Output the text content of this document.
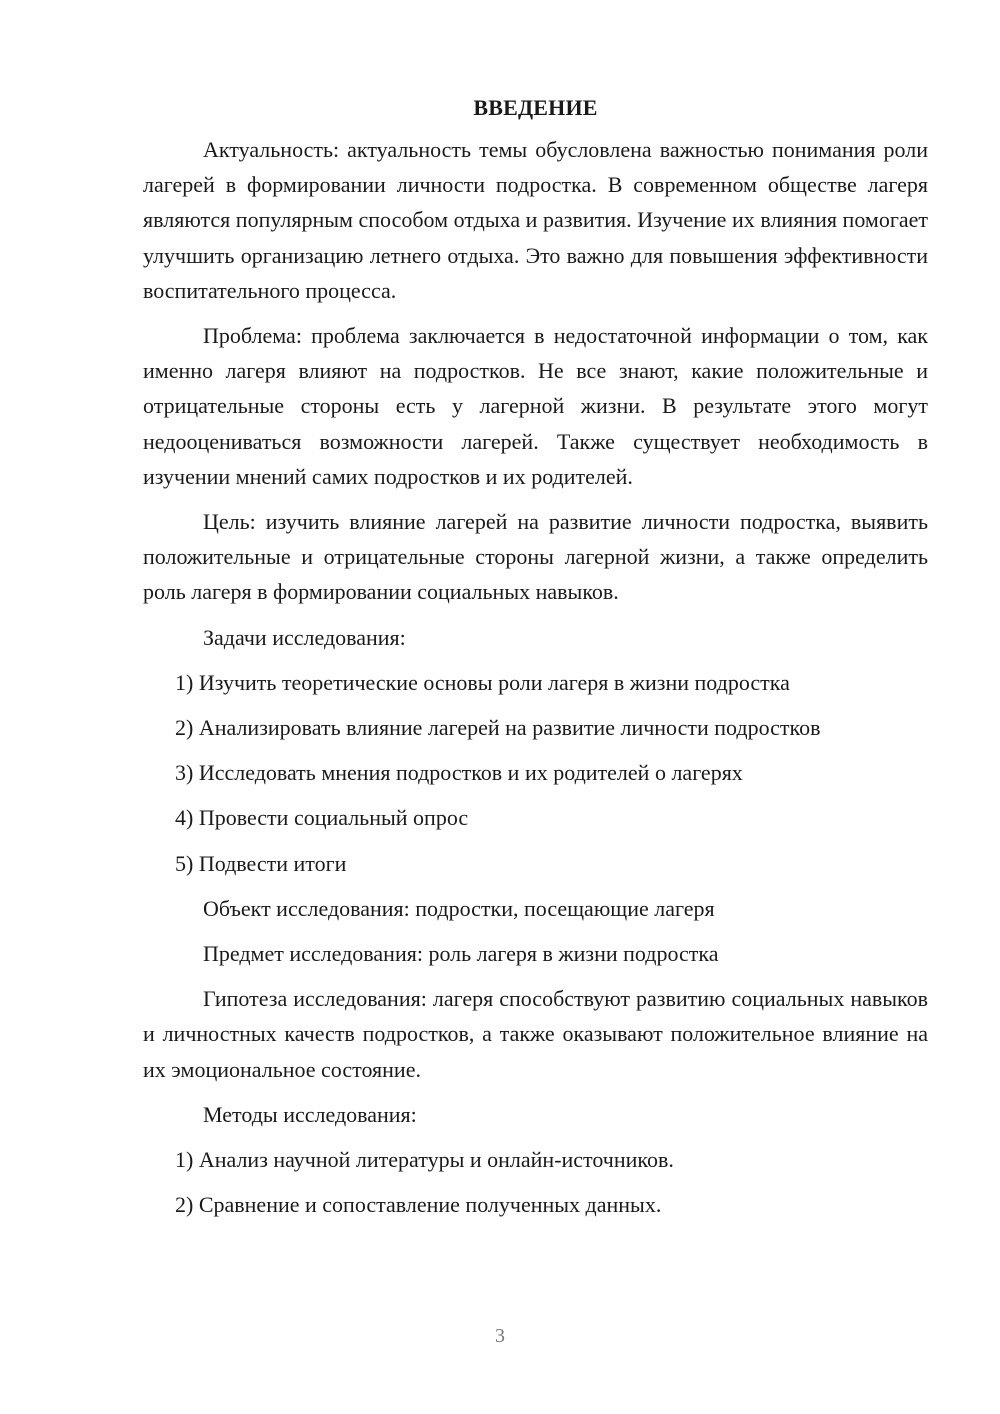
ВВЕДЕНИЕ

Актуальность: актуальность темы обусловлена важностью понимания роли лагерей в формировании личности подростка. В современном обществе лагеря являются популярным способом отдыха и развития. Изучение их влияния помогает улучшить организацию летнего отдыха. Это важно для повышения эффективности воспитательного процесса.

Проблема: проблема заключается в недостаточной информации о том, как именно лагеря влияют на подростков. Не все знают, какие положительные и отрицательные стороны есть у лагерной жизни. В результате этого могут недооцениваться возможности лагерей. Также существует необходимость в изучении мнений самих подростков и их родителей.

Цель: изучить влияние лагерей на развитие личности подростка, выявить положительные и отрицательные стороны лагерной жизни, а также определить роль лагеря в формировании социальных навыков.

Задачи исследования:

1) Изучить теоретические основы роли лагеря в жизни подростка

2) Анализировать влияние лагерей на развитие личности подростков

3) Исследовать мнения подростков и их родителей о лагерях

4) Провести социальный опрос

5) Подвести итоги

Объект исследования: подростки, посещающие лагеря

Предмет исследования: роль лагеря в жизни подростка

Гипотеза исследования: лагеря способствуют развитию социальных навыков и личностных качеств подростков, а также оказывают положительное влияние на их эмоциональное состояние.

Методы исследования:

1) Анализ научной литературы и онлайн-источников.

2) Сравнение и сопоставление полученных данных.

3
